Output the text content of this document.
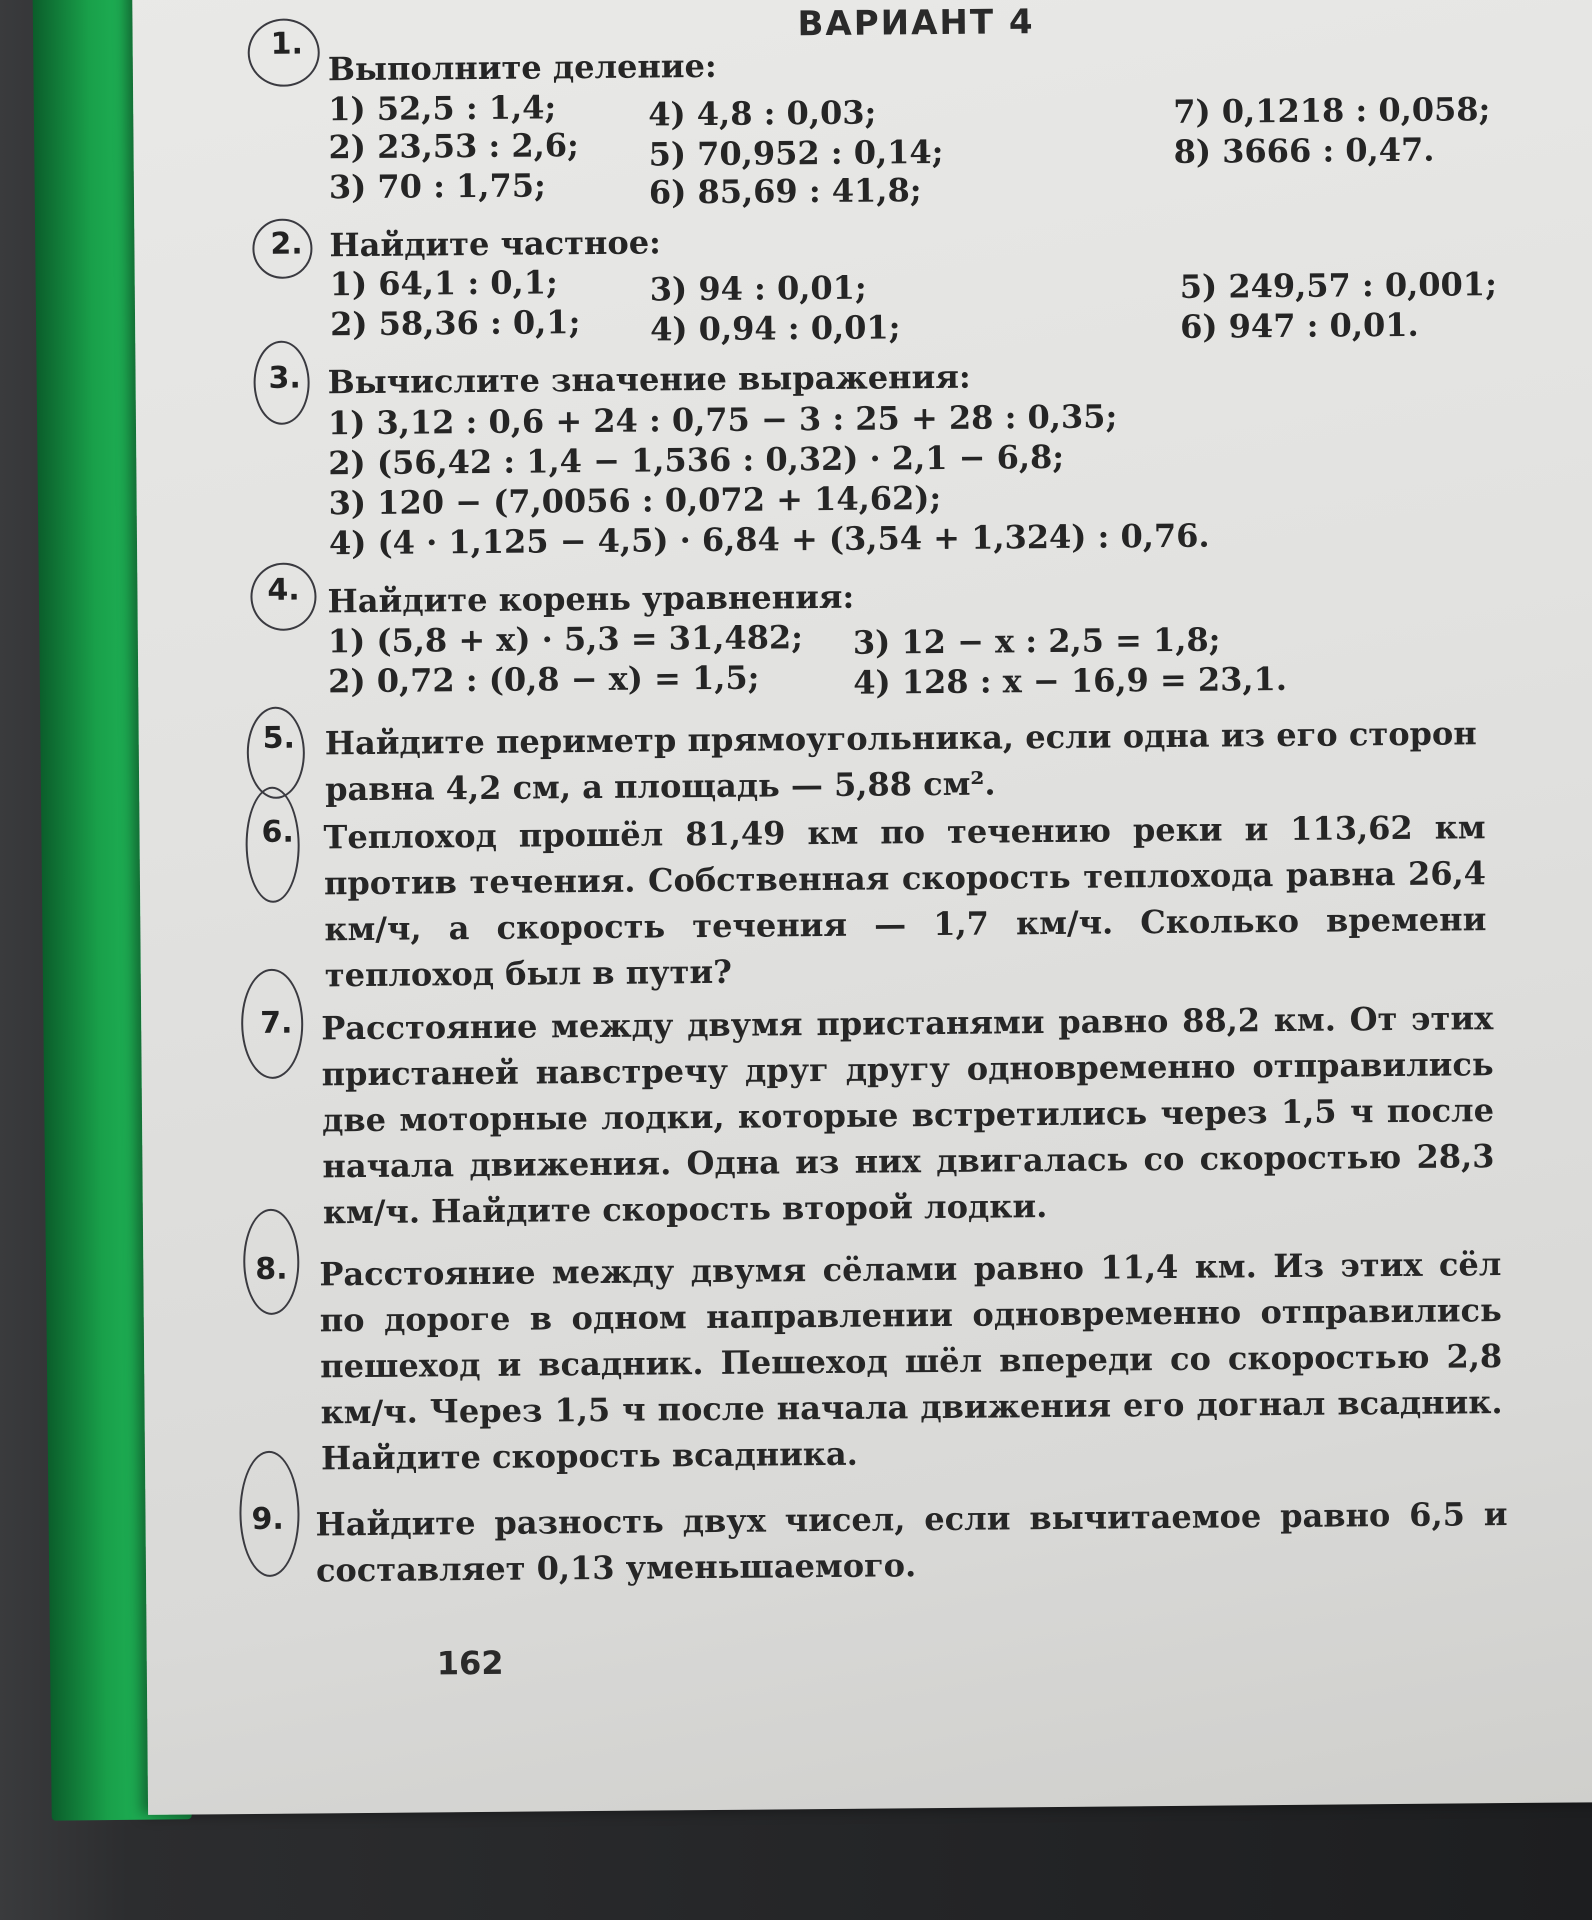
ВАРИАНТ 4
1.
Выполните деление:
1) 52,5 : 1,4;
2) 23,53 : 2,6;
3) 70 : 1,75;
4) 4,8 : 0,03;
5) 70,952 : 0,14;
6) 85,69 : 41,8;
7) 0,1218 : 0,058;
8) 3666 : 0,47.
2. Найдите частное:
1) 64,1 : 0,1;
2) 58,36 : 0,1;
3) 94 : 0,01;
4) 0,94 : 0,01;
5) 249,57 : 0,001;
6) 947 : 0,01.
3. Вычислите значение выражения:
1) 3,12 : 0,6 + 24 : 0,75 − 3 : 25 + 28 : 0,35;
2) (56,42 : 1,4 − 1,536 : 0,32) · 2,1 − 6,8;
3) 120 − (7,0056 : 0,072 + 14,62);
4) (4 · 1,125 − 4,5) · 6,84 + (3,54 + 1,324) : 0,76.
4. Найдите корень уравнения:
1) (5,8 + x) · 5,3 = 31,482;
2) 0,72 : (0,8 − x) = 1,5;
3) 12 − x : 2,5 = 1,8;
4) 128 : x − 16,9 = 23,1.
5. Найдите периметр прямоугольника, если одна из его сторон равна 4,2 см, а площадь — 5,88 см².
6. Теплоход прошёл 81,49 км по течению реки и 113,62 км против течения. Собственная скорость теплохода равна 26,4 км/ч, а скорость течения — 1,7 км/ч. Сколько времени теплоход был в пути?
7. Расстояние между двумя пристанями равно 88,2 км. От этих пристаней навстречу друг другу одновременно отправились две моторные лодки, которые встретились через 1,5 ч после начала движения. Одна из них двигалась со скоростью 28,3 км/ч. Найдите скорость второй лодки.
8. Расстояние между двумя сёлами равно 11,4 км. Из этих сёл по дороге в одном направлении одновременно отправились пешеход и всадник. Пешеход шёл впереди со скоростью 2,8 км/ч. Через 1,5 ч после начала движения его догнал всадник. Найдите скорость всадника.
9. Найдите разность двух чисел, если вычитаемое равно 6,5 и составляет 0,13 уменьшаемого.
162
